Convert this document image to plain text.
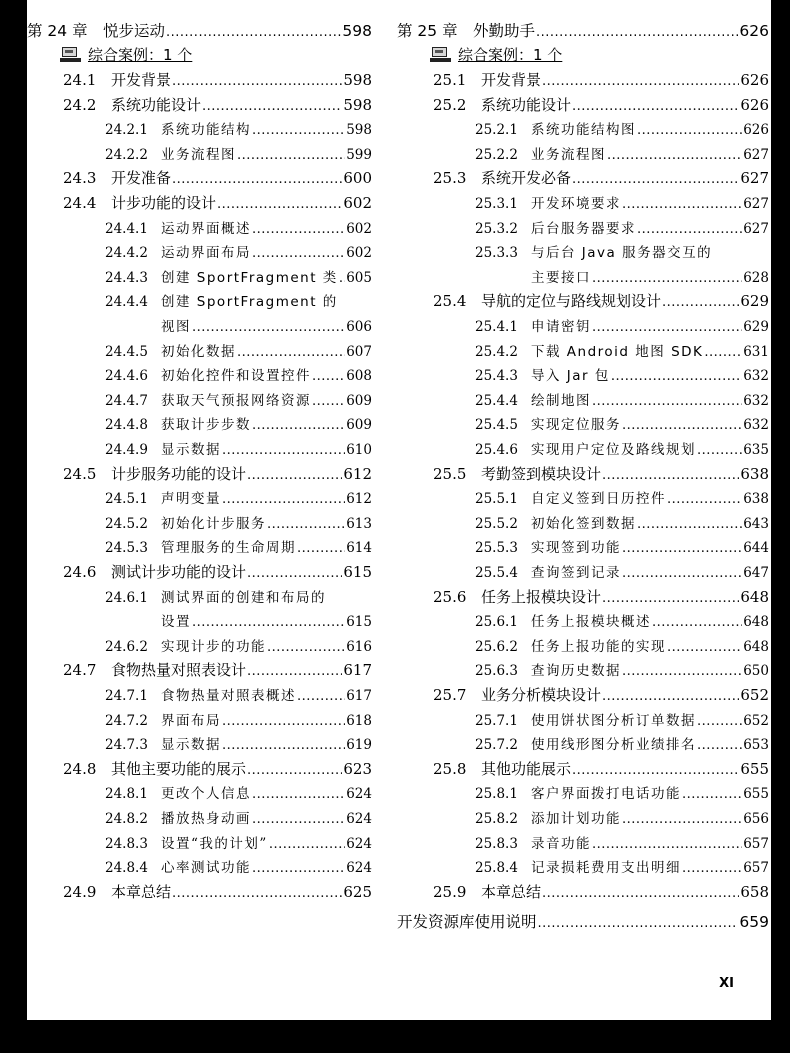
第 24 章 悦步运动 .....	598
综合案例：1 个
24.1 开发背景 .....	598
24.2 系统功能设计 .....	598
24.2.1 系统功能结构 .....	598
24.2.2 业务流程图 .....	599
24.3 开发准备 .....	600
24.4 计步功能的设计 .....	602
24.4.1 运动界面概述 .....	602
24.4.2 运动界面布局 .....	602
24.4.3 创建 SportFragment 类 ..... 605
24.4.4 创建 SportFragment 的
视图 .....	606
24.4.5 初始化数据 .....	607
24.4.6 初始化控件和设置控件 .....	608
24.4.7 获取天气预报网络资源 .....	609
24.4.8 获取计步步数 .....	609
24.4.9 显示数据 .....	610
24.5 计步服务功能的设计 .....	612
24.5.1 声明变量 .....	612
24.5.2 初始化计步服务 .....	613
24.5.3 管理服务的生命周期 .....	614
24.6 测试计步功能的设计 .....	615
24.6.1 测试界面的创建和布局的
设置 .....	615
24.6.2 实现计步的功能 .....	616
24.7 食物热量对照表设计 .....	617
24.7.1 食物热量对照表概述 .....	617
24.7.2 界面布局 .....	618
24.7.3 显示数据 .....	619
24.8 其他主要功能的展示 .....	623
24.8.1 更改个人信息 .....	624
24.8.2 播放热身动画 .....	624
24.8.3 设置“我的计划” .....	624
24.8.4 心率测试功能 .....	624
24.9 本章总结 .....	625
第 25 章 外勤助手 .....	626
综合案例：1 个
25.1 开发背景 .....	626
25.2 系统功能设计 .....	626
25.2.1 系统功能结构图 .....	626
25.2.2 业务流程图 .....	627
25.3 系统开发必备 .....	627
25.3.1 开发环境要求 .....	627
25.3.2 后台服务器要求 .....	627
25.3.3 与后台 Java 服务器交互的
主要接口 .....	628
25.4 导航的定位与路线规划设计 .....	629
25.4.1 申请密钥 .....	629
25.4.2 下载 Android 地图 SDK .....	631
25.4.3 导入 Jar 包 .....	632
25.4.4 绘制地图 .....	632
25.4.5 实现定位服务 .....	632
25.4.6 实现用户定位及路线规划 .....	635
25.5 考勤签到模块设计 .....	638
25.5.1 自定义签到日历控件 .....	638
25.5.2 初始化签到数据 .....	643
25.5.3 实现签到功能 .....	644
25.5.4 查询签到记录 .....	647
25.6 任务上报模块设计 .....	648
25.6.1 任务上报模块概述 .....	648
25.6.2 任务上报功能的实现 .....	648
25.6.3 查询历史数据 .....	650
25.7 业务分析模块设计 .....	652
25.7.1 使用饼状图分析订单数据 .....	652
25.7.2 使用线形图分析业绩排名 .....	653
25.8 其他功能展示 .....	655
25.8.1 客户界面拨打电话功能 .....	655
25.8.2 添加计划功能 .....	656
25.8.3 录音功能 .....	657
25.8.4 记录损耗费用支出明细 .....	657
25.9 本章总结 .....	658
开发资源库使用说明 .....	659
XI
